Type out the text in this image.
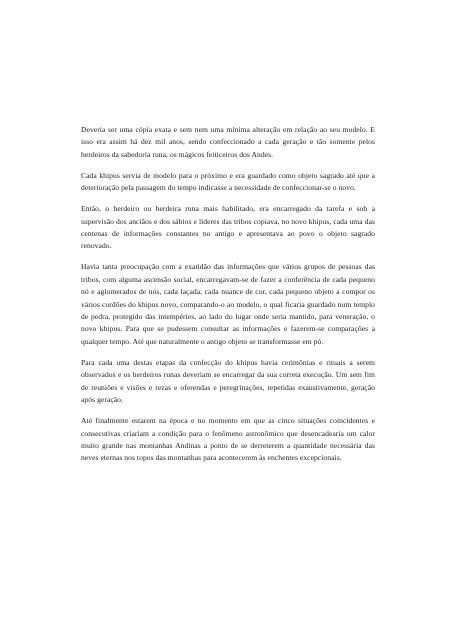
Deveria ser uma cópia exata e sem nem uma mínima alteração em relação ao seu modelo. E isso era assim há dez mil anos, sendo confeccionado a cada geração e tão somente pelos herdeiros da sabedoria runa, os mágicos feiticeiros dos Andes.

Cada khipus servia de modelo para o próximo e era guardado como objeto sagrado até que a deterioração pela passagem do tempo indicasse a necessidade de confeccionar-se o novo.

Então, o herdeiro ou herdeira runa mais habilitado, era encarregado da tarefa e sob a supervisão dos anciãos e dos sábios e líderes das tribos copiava, no novo khipus, cada uma das centenas de informações constantes no antigo e apresentava ao povo o objeto sagrado renovado.

Havia tanta preocupação com a exatidão das informações que vários grupos de pessoas das tribos, com alguma ascensão social, encarregavam-se de fazer a conferência de cada pequeno nó e aglomerados de nós, cada laçada, cada nuance de cor, cada pequeno objeto a compor os vários cordões do khipus novo, comparando-o ao modelo, o qual ficaria guardado num templo de pedra, protegido das intempéries, ao lado do lugar onde seria mantido, para veneração, o novo khipus. Para que se pudessem consultar as informações e fazerem-se comparações a qualquer tempo. Até que naturalmente o antigo objeto se transformasse em pó.

Para cada uma destas etapas da confecção do khipus havia cerimônias e rituais a serem observados e os herdeiros runas deveriam se encarregar da sua correta execução. Um sem fim de reuniões e visões e rezas e oferendas e peregrinações, repetidas exaustivamente, geração após geração.

Até finalmente estarem na época e no momento em que as cinco situações coincidentes e consecutivas criariam a condição para o fenômeno astronômico que desencadearia um calor muito grande nas montanhas Andinas a ponto de se derreterem a quantidade necessária das neves eternas nos topos das montanhas para acontecerem às enchentes excepcionais.
